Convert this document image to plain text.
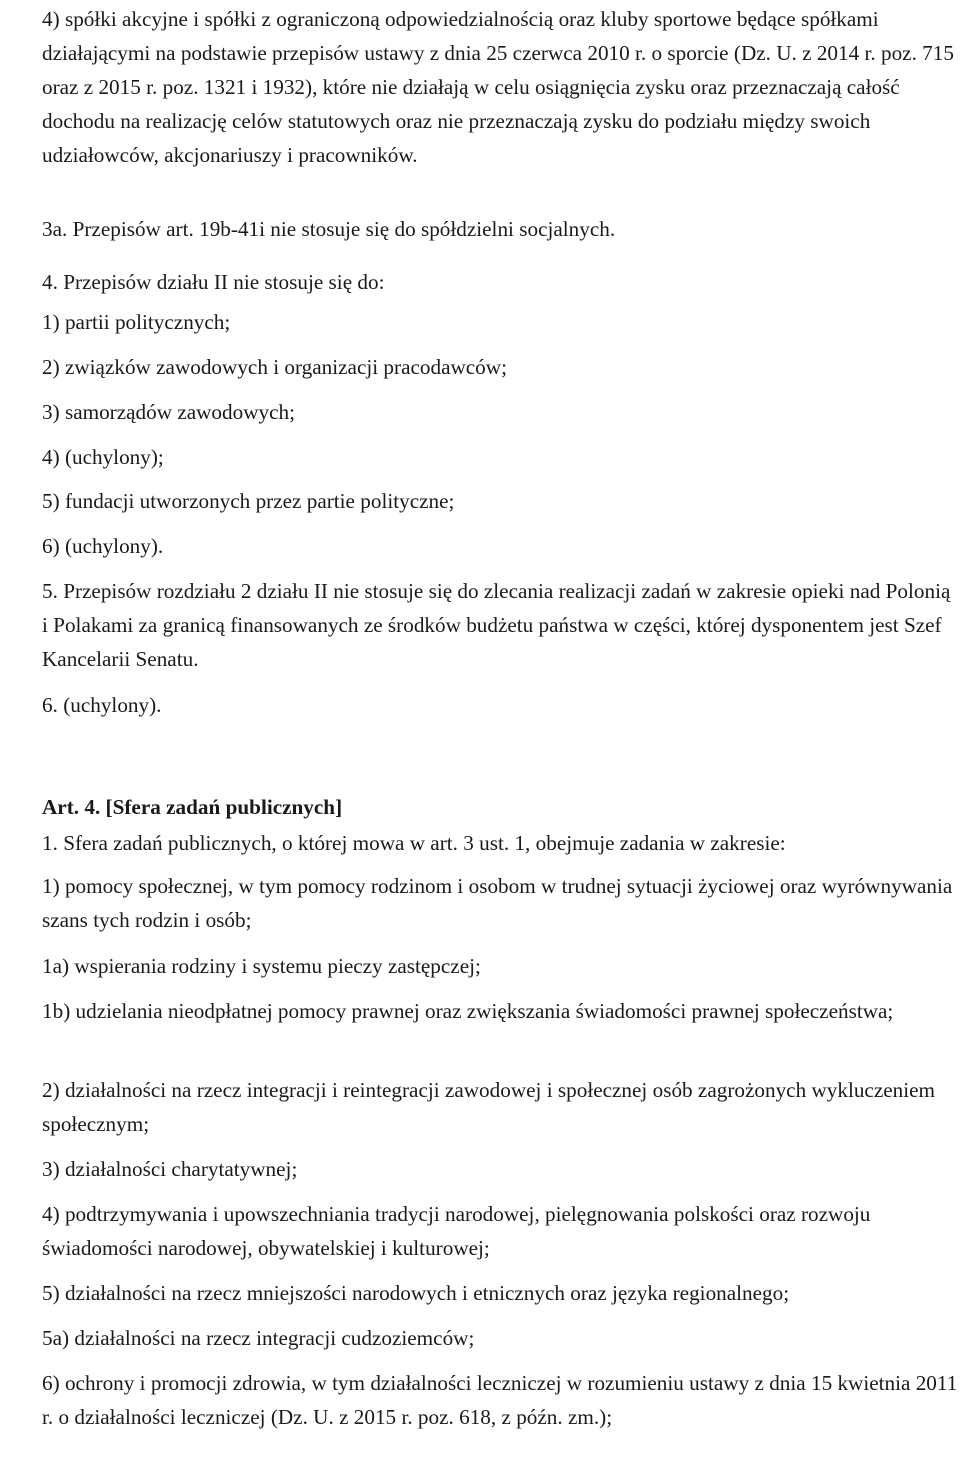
4) spółki akcyjne i spółki z ograniczoną odpowiedzialnością oraz kluby sportowe będące spółkami działającymi na podstawie przepisów ustawy z dnia 25 czerwca 2010 r. o sporcie (Dz. U. z 2014 r. poz. 715 oraz z 2015 r. poz. 1321 i 1932), które nie działają w celu osiągnięcia zysku oraz przeznaczają całość dochodu na realizację celów statutowych oraz nie przeznaczają zysku do podziału między swoich udziałowców, akcjonariuszy i pracowników.

3a. Przepisów art. 19b-41i nie stosuje się do spółdzielni socjalnych.

4. Przepisów działu II nie stosuje się do:

1) partii politycznych;

2) związków zawodowych i organizacji pracodawców;

3) samorządów zawodowych;

4) (uchylony);

5) fundacji utworzonych przez partie polityczne;

6) (uchylony).

5. Przepisów rozdziału 2 działu II nie stosuje się do zlecania realizacji zadań w zakresie opieki nad Polonią i Polakami za granicą finansowanych ze środków budżetu państwa w części, której dysponentem jest Szef Kancelarii Senatu.

6. (uchylony).

Art. 4. [Sfera zadań publicznych]

1. Sfera zadań publicznych, o której mowa w art. 3 ust. 1, obejmuje zadania w zakresie:

1) pomocy społecznej, w tym pomocy rodzinom i osobom w trudnej sytuacji życiowej oraz wyrównywania szans tych rodzin i osób;

1a) wspierania rodziny i systemu pieczy zastępczej;

1b) udzielania nieodpłatnej pomocy prawnej oraz zwiększania świadomości prawnej społeczeństwa;

2) działalności na rzecz integracji i reintegracji zawodowej i społecznej osób zagrożonych wykluczeniem społecznym;

3) działalności charytatywnej;

4) podtrzymywania i upowszechniania tradycji narodowej, pielęgnowania polskości oraz rozwoju świadomości narodowej, obywatelskiej i kulturowej;

5) działalności na rzecz mniejszości narodowych i etnicznych oraz języka regionalnego;

5a) działalności na rzecz integracji cudzoziemców;

6) ochrony i promocji zdrowia, w tym działalności leczniczej w rozumieniu ustawy z dnia 15 kwietnia 2011 r. o działalności leczniczej (Dz. U. z 2015 r. poz. 618, z późn. zm.);
